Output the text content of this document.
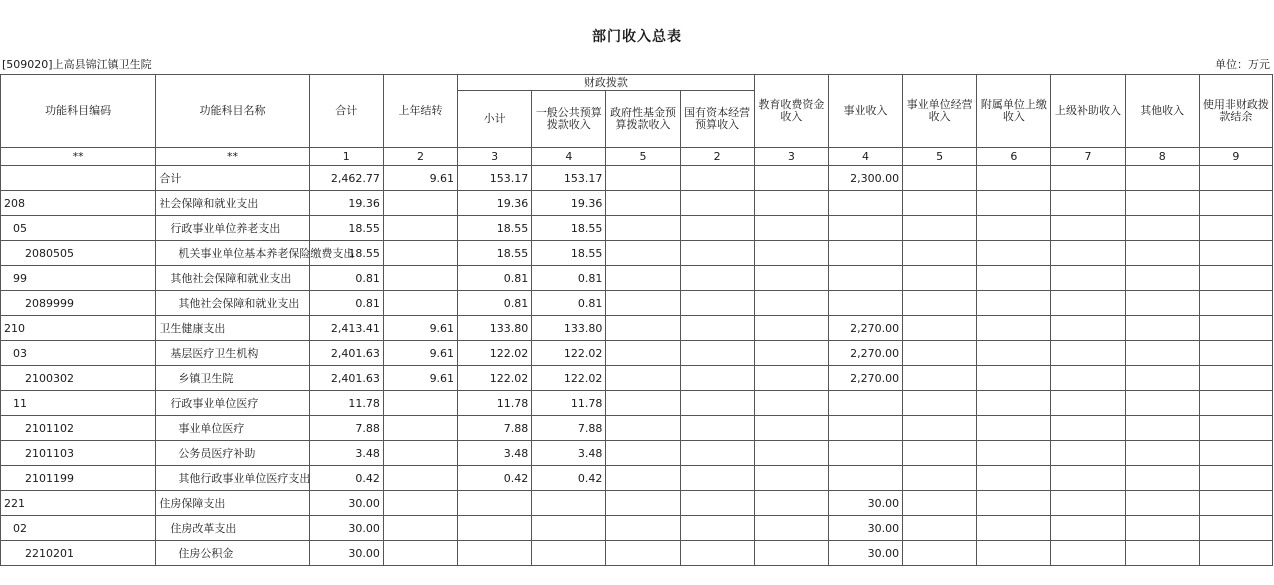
部门收入总表
[509020]上高县锦江镇卫生院	单位：万元
功能科目编码	功能科目名称	合计	上年结转	财政拨款				教育收费资金收入	事业收入	事业单位经营收入	附属单位上缴收入	上级补助收入	其他收入	使用非财政拨款结余
				小计	一般公共预算拨款收入	政府性基金预算拨款收入	国有资本经营预算收入							
**	**	1	2	3	4	5	2	3	4	5	6	7	8	9
	合计	2,462.77	9.61	153.17	153.17				2,300.00					
208	社会保障和就业支出	19.36		19.36	19.36									
05	行政事业单位养老支出	18.55		18.55	18.55									
2080505	机关事业单位基本养老保险缴费支出	18.55		18.55	18.55									
99	其他社会保障和就业支出	0.81		0.81	0.81									
2089999	其他社会保障和就业支出	0.81		0.81	0.81									
210	卫生健康支出	2,413.41	9.61	133.80	133.80				2,270.00					
03	基层医疗卫生机构	2,401.63	9.61	122.02	122.02				2,270.00					
2100302	乡镇卫生院	2,401.63	9.61	122.02	122.02				2,270.00					
11	行政事业单位医疗	11.78		11.78	11.78									
2101102	事业单位医疗	7.88		7.88	7.88									
2101103	公务员医疗补助	3.48		3.48	3.48									
2101199	其他行政事业单位医疗支出	0.42		0.42	0.42									
221	住房保障支出	30.00							30.00					
02	住房改革支出	30.00							30.00					
2210201	住房公积金	30.00							30.00					
